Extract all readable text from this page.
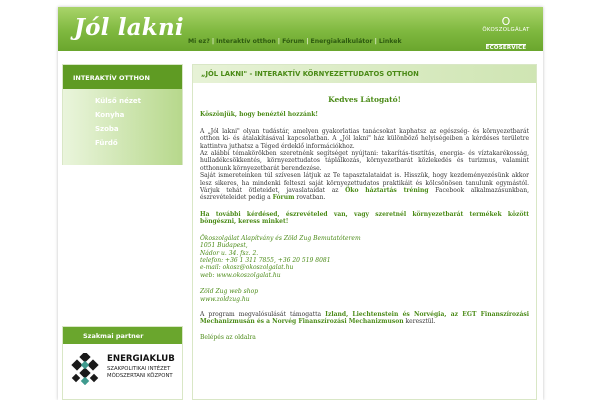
Jól lakni
Mi ez? | Interaktív otthon | Fórum | Energiakalkulátor | Linkek
O
ÖKOSZOLGÁLAT
ECOSERVICE
INTERAKTÍV OTTHON
Külső nézet
Konyha
Szoba
Fürdő
Szakmai partner
ENERGIAKLUB
SZAKPOLITIKAI INTÉZET
MÓDSZERTANI KÖZPONT
„JÓL LAKNI" - INTERAKTÍV KÖRNYEZETTUDATOS OTTHON
Kedves Látogató!
Köszönjük, hogy benéztél hozzánk!
A „Jól lakni" olyan tudástár, amelyen gyakorlatias tanácsokat kaphatsz az egészség- és környezetbarát otthon ki- és átalakításával kapcsolatban. A „Jól lakni" ház különböző helyiségeiben a kérdéses területre kattintva juthatsz a Téged érdeklő információkhoz.
Az alábbi témakörökben szeretnénk segítséget nyújtani: takarítás-tisztítás, energia- és víztakarékosság, hulladékcsökkentés, környezettudatos táplálkozás, környezetbarát közlekedés és turizmus, valamint otthonunk környezetbarát berendezése.
Saját ismereteinken túl szívesen látjuk az Te tapasztalataidat is. Hisszük, hogy kezdeményezésünk akkor lesz sikeres, ha mindenki felteszi saját környezettudatos praktikáit és kölcsönösen tanulunk egymástól. Várjuk tehát ötleteidet, javaslataidat az Öko háztartás tréning Facebook alkalmazásunkban, észrevételeidet pedig a Fórum rovatban.
Ha további kérdésed, észrevételed van, vagy szeretnél környezetbarát termékek között böngészni, keress minket!
Ökoszolgálat Alapítvány és Zöld Zug Bemutatóterem
1051 Budapest,
Nádor u. 34. fsz. 2.
telefon: +36 1 311 7855, +36 20 519 8081
e-mail: okosz@okoszolgalat.hu
web: www.okoszolgalat.hu
Zöld Zug web shop
www.zoldzug.hu
A program megvalósulását támogatta Izland, Liechtenstein és Norvégia, az EGT Finanszírozási Mechanizmusán és a Norvég Finanszírozási Mechanizmuson keresztül.
Belépés az oldalra
